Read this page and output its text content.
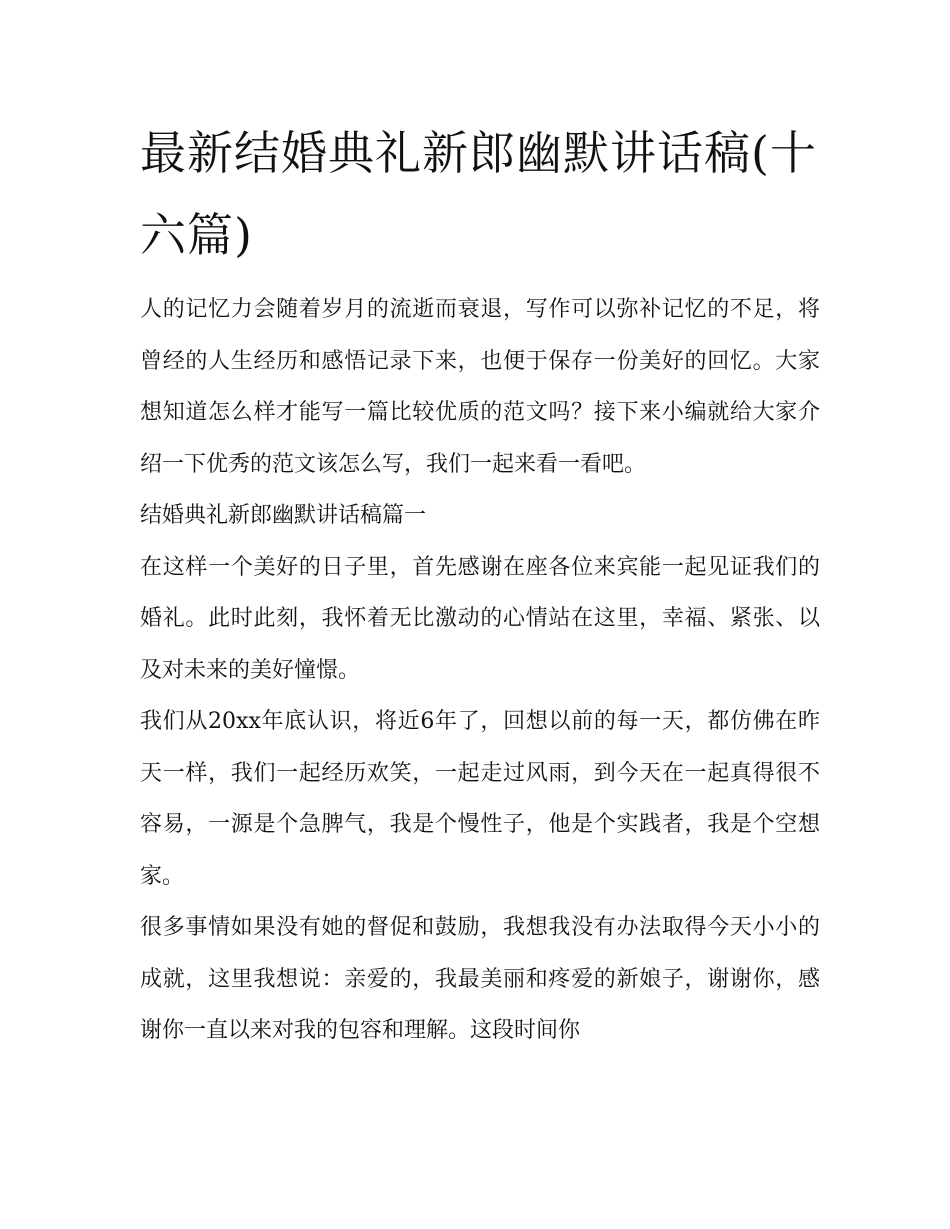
最新结婚典礼新郎幽默讲话稿(十六篇)

人的记忆力会随着岁月的流逝而衰退，写作可以弥补记忆的不足，将曾经的人生经历和感悟记录下来，也便于保存一份美好的回忆。大家想知道怎么样才能写一篇比较优质的范文吗？接下来小编就给大家介绍一下优秀的范文该怎么写，我们一起来看一看吧。

结婚典礼新郎幽默讲话稿篇一

在这样一个美好的日子里，首先感谢在座各位来宾能一起见证我们的婚礼。此时此刻，我怀着无比激动的心情站在这里，幸福、紧张、以及对未来的美好憧憬。

我们从20xx年底认识，将近6年了，回想以前的每一天，都仿佛在昨天一样，我们一起经历欢笑，一起走过风雨，到今天在一起真得很不容易，一源是个急脾气，我是个慢性子，他是个实践者，我是个空想家。

很多事情如果没有她的督促和鼓励，我想我没有办法取得今天小小的成就，这里我想说：亲爱的，我最美丽和疼爱的新娘子，谢谢你，感谢你一直以来对我的包容和理解。这段时间你
